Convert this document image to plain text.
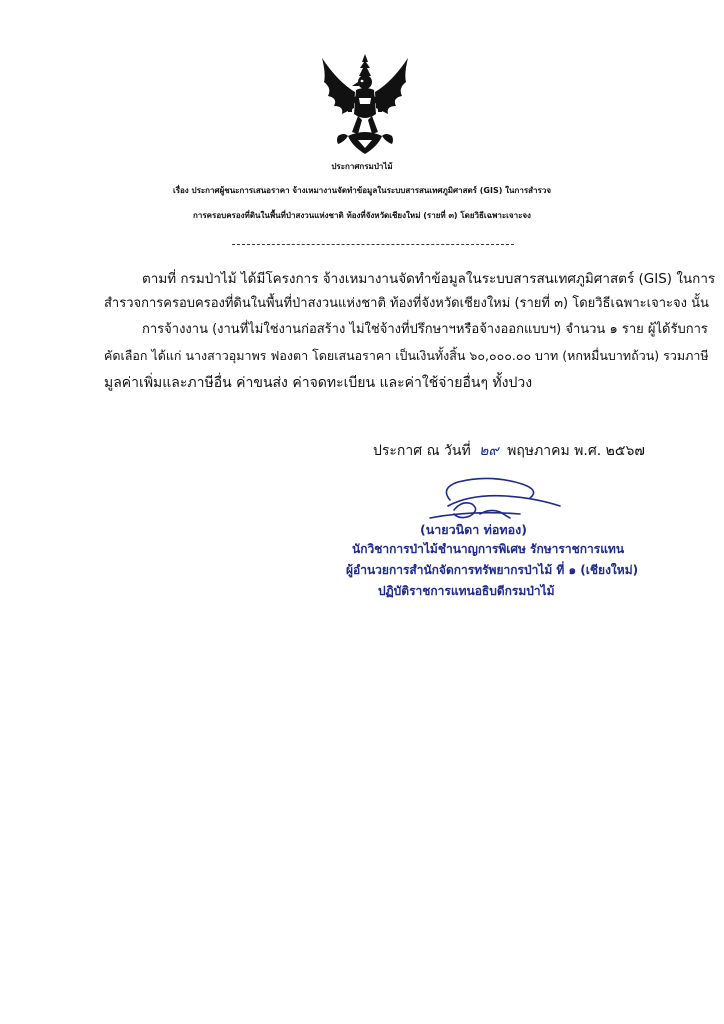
ประกาศกรมป่าไม้
เรื่อง ประกาศผู้ชนะการเสนอราคา จ้างเหมางานจัดทำข้อมูลในระบบสารสนเทศภูมิศาสตร์ (GIS) ในการสำรวจ
การครอบครองที่ดินในพื้นที่ป่าสงวนแห่งชาติ ท้องที่จังหวัดเชียงใหม่ (รายที่ ๓) โดยวิธีเฉพาะเจาะจง
ตามที่ กรมป่าไม้ ได้มีโครงการ จ้างเหมางานจัดทำข้อมูลในระบบสารสนเทศภูมิศาสตร์ (GIS) ในการ
สำรวจการครอบครองที่ดินในพื้นที่ป่าสงวนแห่งชาติ ท้องที่จังหวัดเชียงใหม่ (รายที่ ๓) โดยวิธีเฉพาะเจาะจง นั้น
การจ้างงาน (งานที่ไม่ใช่งานก่อสร้าง ไม่ใช่จ้างที่ปรึกษาฯหรือจ้างออกแบบฯ) จำนวน ๑ ราย ผู้ได้รับการ
คัดเลือก ได้แก่ นางสาวอุมาพร ฟองตา โดยเสนอราคา เป็นเงินทั้งสิ้น ๖๐,๐๐๐.๐๐ บาท (หกหมื่นบาทถ้วน) รวมภาษี
มูลค่าเพิ่มและภาษีอื่น ค่าขนส่ง ค่าจดทะเบียน และค่าใช้จ่ายอื่นๆ ทั้งปวง
ประกาศ ณ วันที่ ๒๙ พฤษภาคม พ.ศ. ๒๕๖๗
(นายวนิดา ท่อทอง)
นักวิชาการป่าไม้ชำนาญการพิเศษ รักษาราชการแทน
ผู้อำนวยการสำนักจัดการทรัพยากรป่าไม้ ที่ ๑ (เชียงใหม่)
ปฏิบัติราชการแทนอธิบดีกรมป่าไม้
